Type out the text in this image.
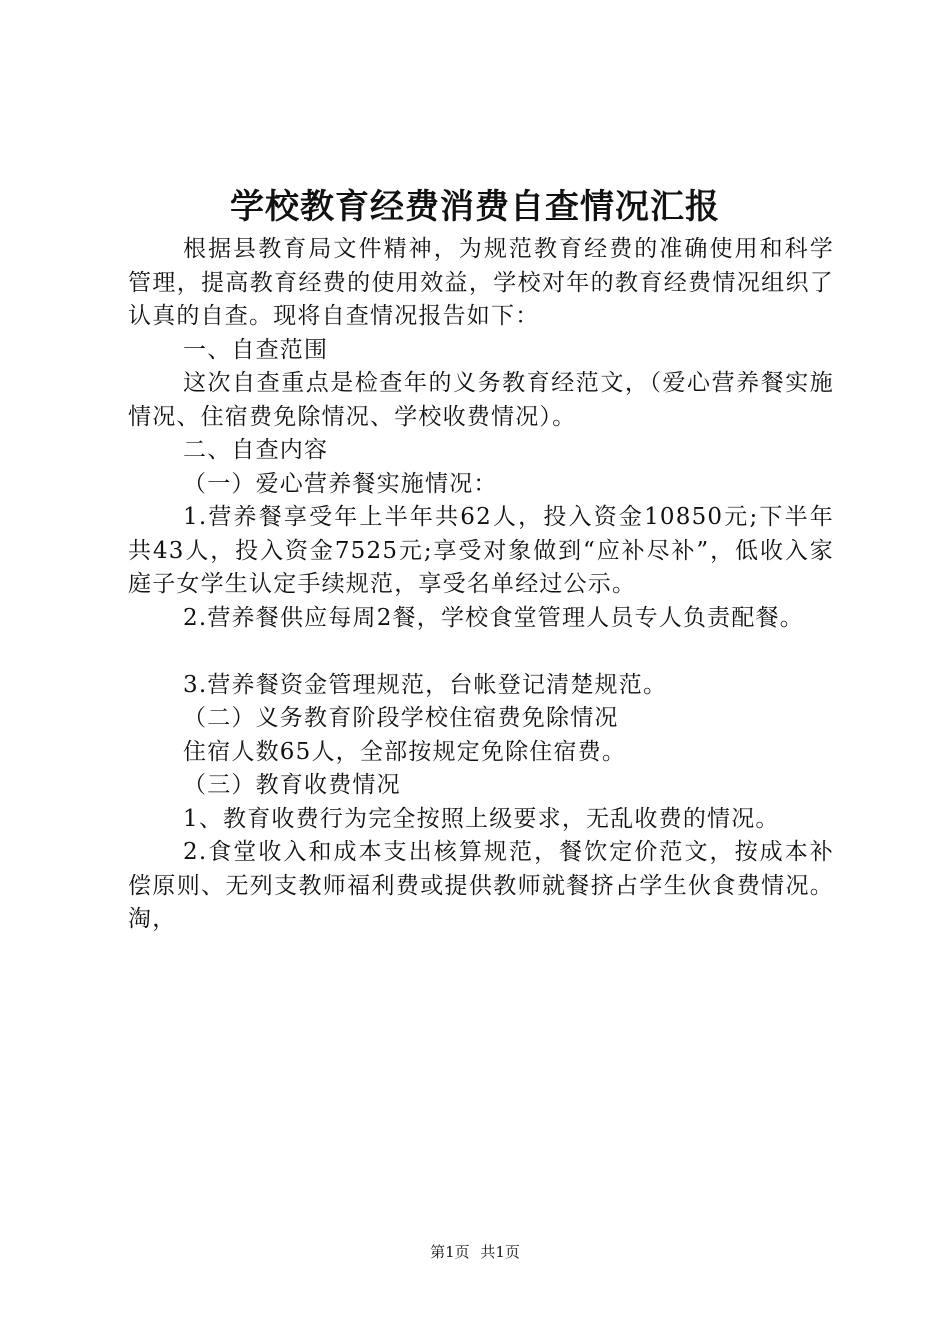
学校教育经费消费自查情况汇报

根据县教育局文件精神，为规范教育经费的准确使用和科学管理，提高教育经费的使用效益，学校对年的教育经费情况组织了认真的自查。现将自查情况报告如下：

一、自查范围

这次自查重点是检查年的义务教育经范文，（爱心营养餐实施情况、住宿费免除情况、学校收费情况）。

二、自查内容

（一）爱心营养餐实施情况：

1.营养餐享受年上半年共62人，投入资金10850元;下半年共43人，投入资金7525元;享受对象做到“应补尽补”，低收入家庭子女学生认定手续规范，享受名单经过公示。

2.营养餐供应每周2餐，学校食堂管理人员专人负责配餐。

3.营养餐资金管理规范，台帐登记清楚规范。

（二）义务教育阶段学校住宿费免除情况

住宿人数65人，全部按规定免除住宿费。

（三）教育收费情况

1、教育收费行为完全按照上级要求，无乱收费的情况。

2.食堂收入和成本支出核算规范，餐饮定价范文，按成本补偿原则、无列支教师福利费或提供教师就餐挤占学生伙食费情况。淘，

第1页 共1页
